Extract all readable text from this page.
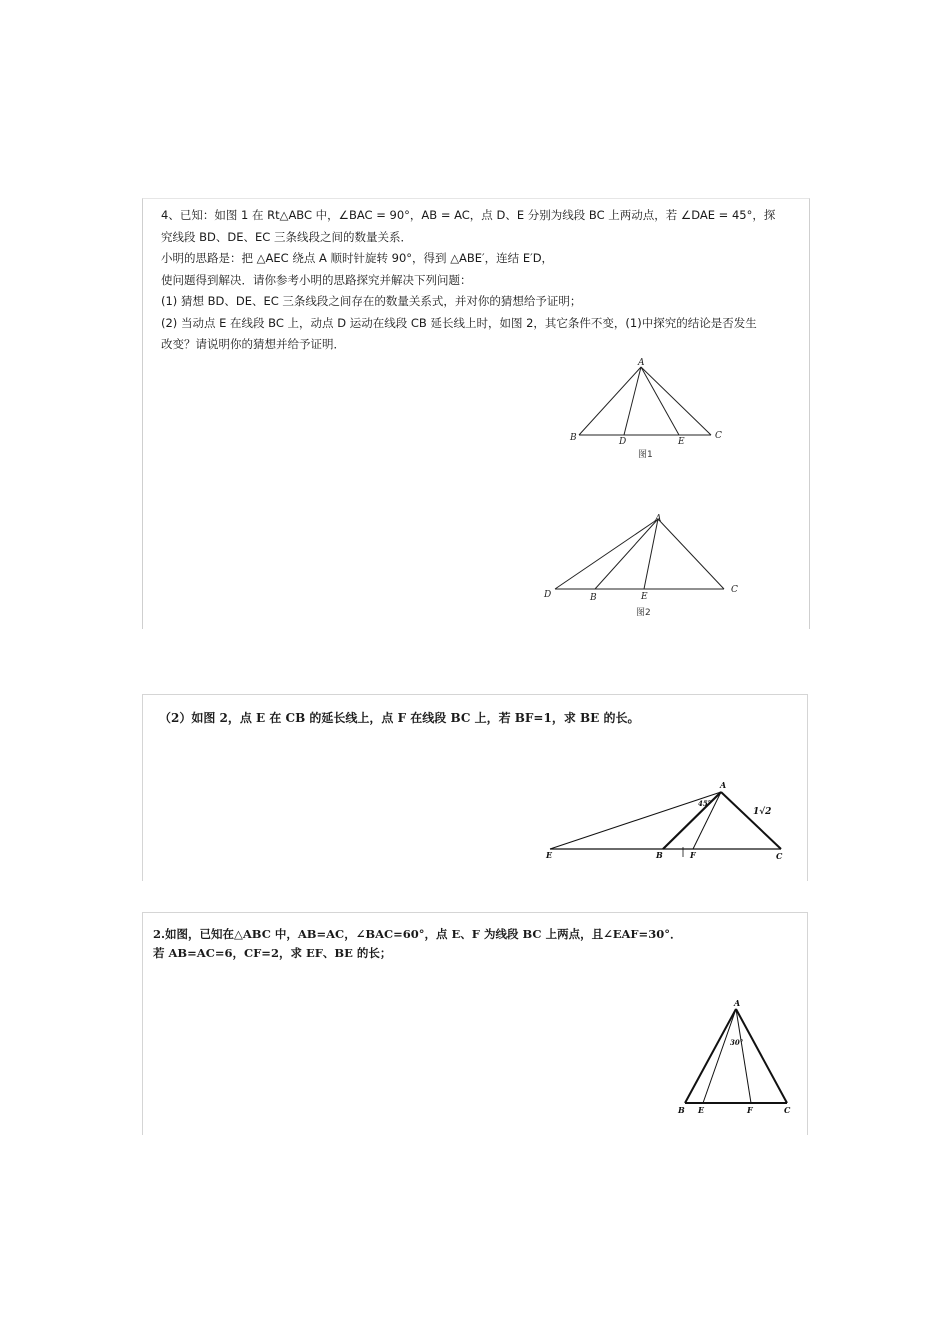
4、已知：如图 1 在 Rt△ABC 中，∠BAC = 90°，AB = AC，点 D、E 分别为线段 BC 上两动点，若 ∠DAE = 45°，探
究线段 BD、DE、EC 三条线段之间的数量关系．
小明的思路是：把 △AEC 绕点 A 顺时针旋转 90°，得到 △ABE′，连结 E′D，
使问题得到解决．请你参考小明的思路探究并解决下列问题：
(1) 猜想 BD、DE、EC 三条线段之间存在的数量关系式，并对你的猜想给予证明；
(2) 当动点 E 在线段 BC 上，动点 D 运动在线段 CB 延长线上时，如图 2，其它条件不变，(1)中探究的结论是否发生
改变？请说明你的猜想并给予证明．
A
B	C
D	E
图1
A
D	B	E
C
图2
（2）如图 2，点 E 在 CB 的延长线上，点 F 在线段 BC 上，若 BF=1，求 BE 的长。
A
E	B	F	C
45°
1√2
2.如图，已知在△ABC 中，AB=AC，∠BAC=60°，点 E、F 为线段 BC 上两点，且∠EAF=30°．
若 AB=AC=6，CF=2，求 EF、BE 的长；
A
B E	F	C
30°
